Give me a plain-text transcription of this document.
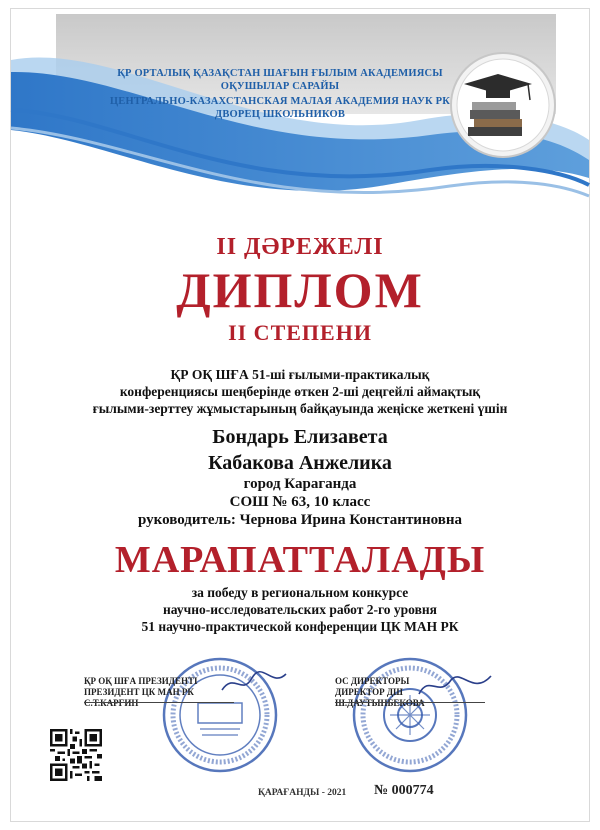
ҚР ОРТАЛЫҚ ҚАЗАҚСТАН ШАҒЫН ҒЫЛЫМ АКАДЕМИЯСЫ
ОҚУШЫЛАР САРАЙЫ
ЦЕНТРАЛЬНО-КАЗАХСТАНСКАЯ МАЛАЯ АКАДЕМИЯ НАУК РК
ДВОРЕЦ ШКОЛЬНИКОВ
II ДӘРЕЖЕЛІ
ДИПЛОМ
II СТЕПЕНИ
ҚР ОҚ ШҒА 51-ші ғылыми-практикалық
конференциясы шеңберінде өткен 2-ші деңгейлі аймақтық
ғылыми-зерттеу жұмыстарының байқауында жеңіске жеткені үшін
Бондарь Елизавета
Кабакова Анжелика
город Караганда
СОШ № 63, 10 класс
руководитель: Чернова Ирина Константиновна
МАРАПАТТАЛАДЫ
за победу в региональном конкурсе
научно-исследовательских работ 2-го уровня
51 научно-практической конференции ЦК МАН РК
ҚР ОҚ ШҒА ПРЕЗИДЕНТІ
ПРЕЗИДЕНТ ЦК МАН РК
С.Т.КАРГИН
ОС ДИРЕКТОРЫ
ДИРЕКТОР ДШ
Ш.ДАУТЫНБЕКОВА
ҚАРАҒАНДЫ - 2021 № 000774
